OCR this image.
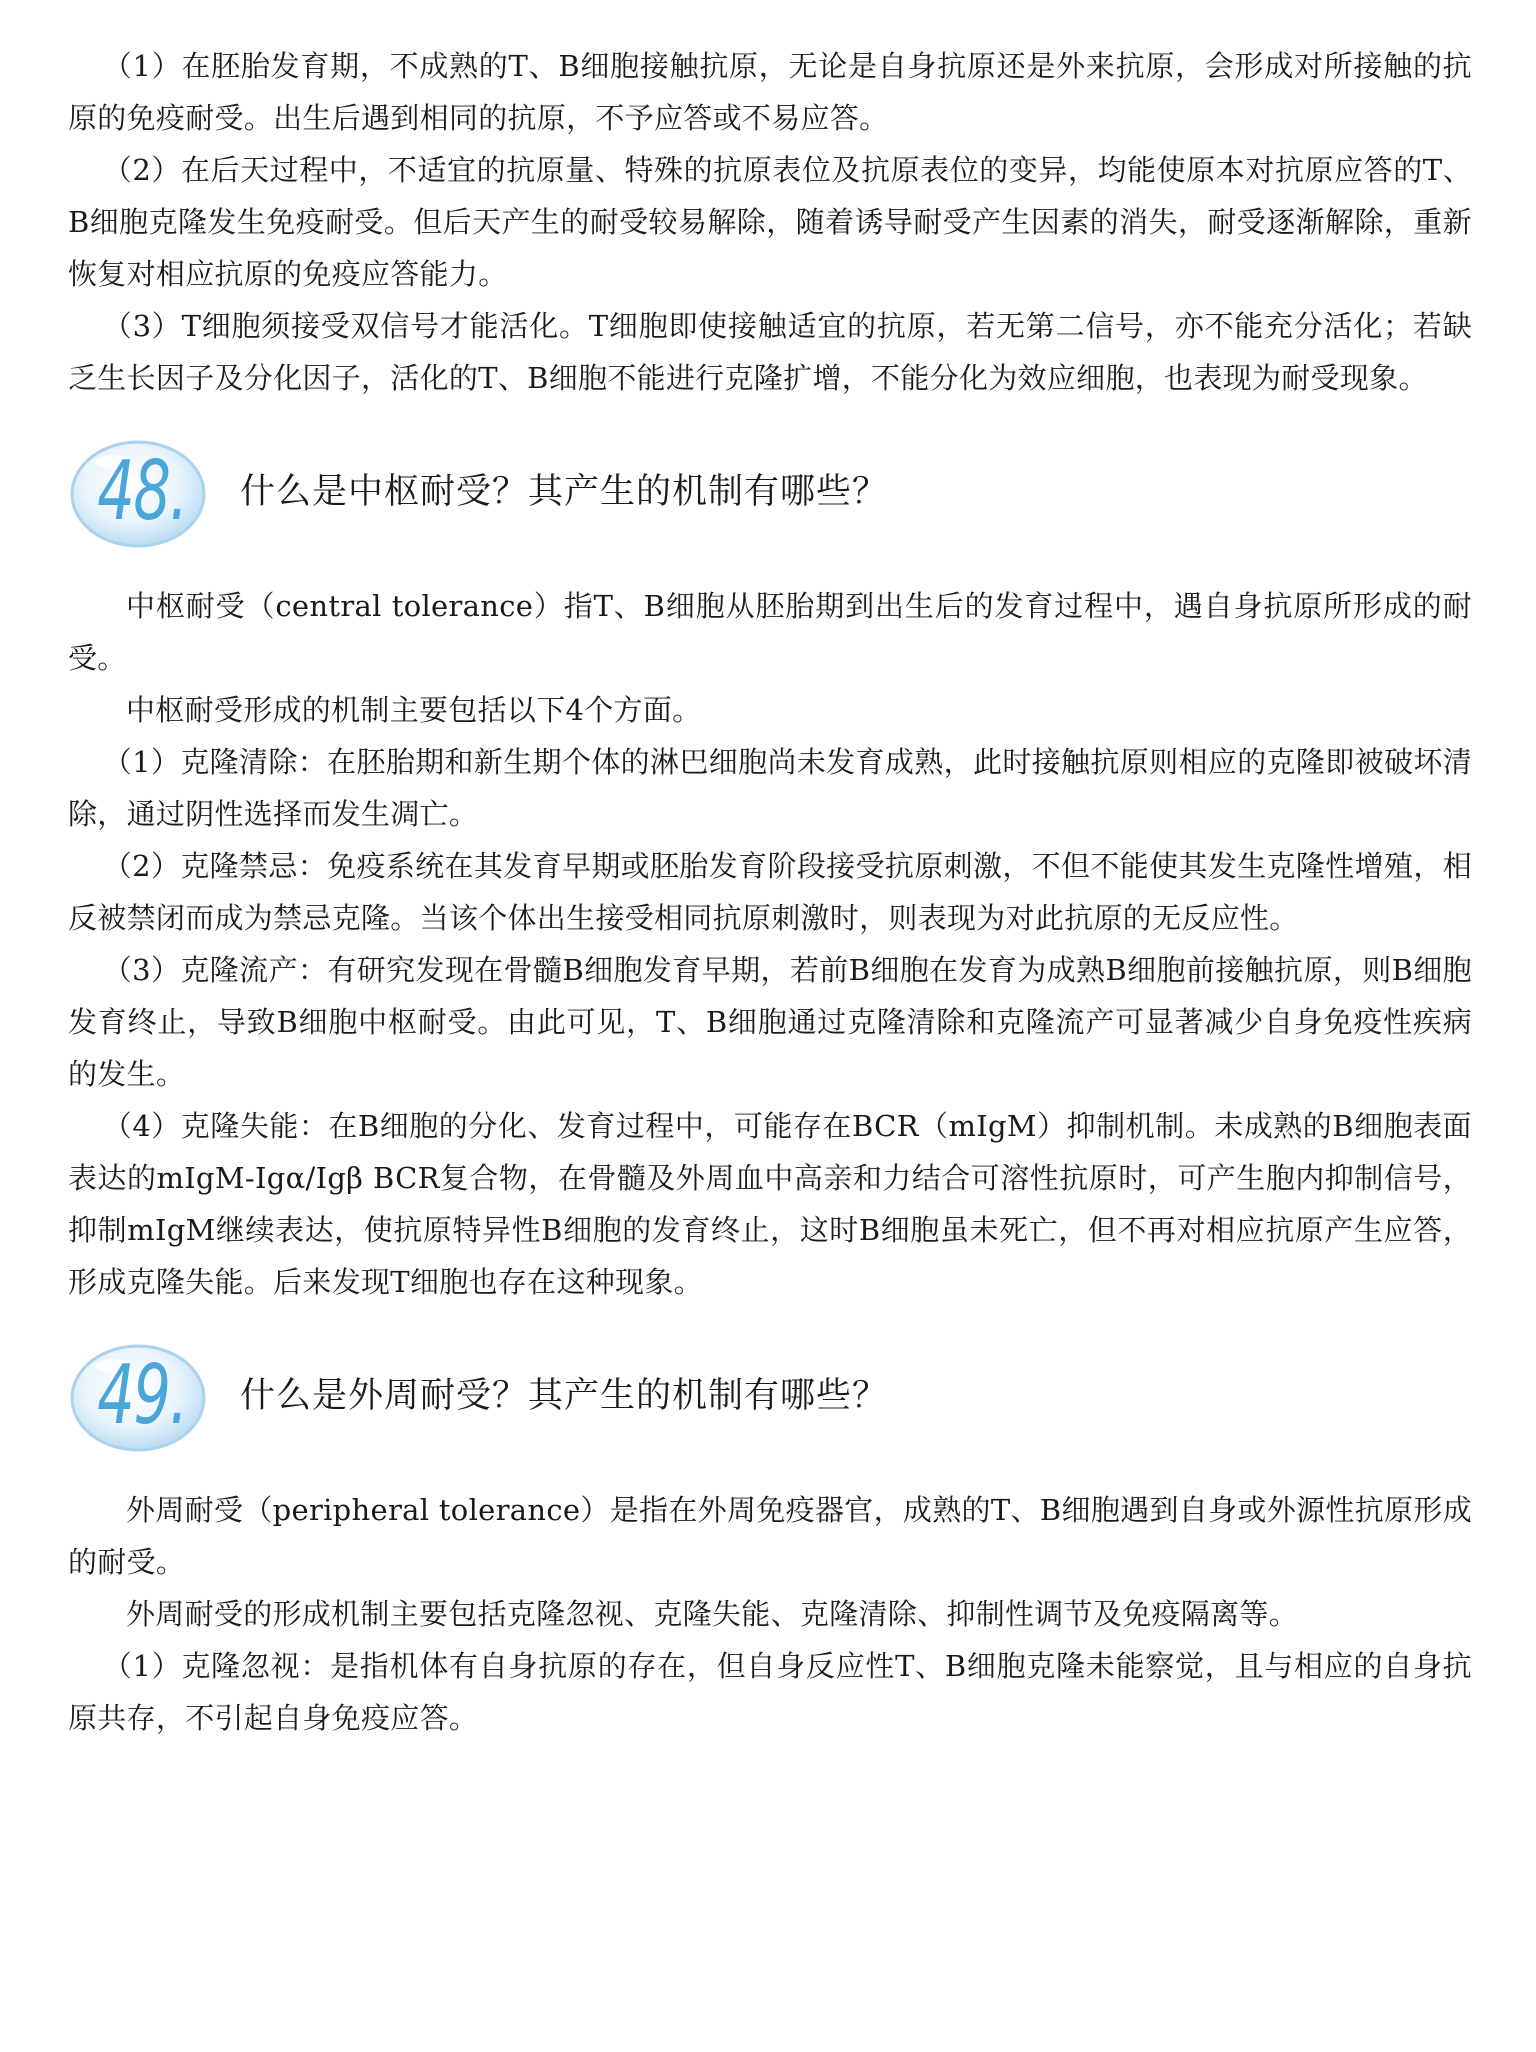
（1）在胚胎发育期，不成熟的T、B细胞接触抗原，无论是自身抗原还是外来抗原，会形成对所接触的抗原的免疫耐受。出生后遇到相同的抗原，不予应答或不易应答。

（2）在后天过程中，不适宜的抗原量、特殊的抗原表位及抗原表位的变异，均能使原本对抗原应答的T、B细胞克隆发生免疫耐受。但后天产生的耐受较易解除，随着诱导耐受产生因素的消失，耐受逐渐解除，重新恢复对相应抗原的免疫应答能力。

（3）T细胞须接受双信号才能活化。T细胞即使接触适宜的抗原，若无第二信号，亦不能充分活化；若缺乏生长因子及分化因子，活化的T、B细胞不能进行克隆扩增，不能分化为效应细胞，也表现为耐受现象。

48. 什么是中枢耐受？其产生的机制有哪些？

中枢耐受（central tolerance）指T、B细胞从胚胎期到出生后的发育过程中，遇自身抗原所形成的耐受。

中枢耐受形成的机制主要包括以下4个方面。

（1）克隆清除：在胚胎期和新生期个体的淋巴细胞尚未发育成熟，此时接触抗原则相应的克隆即被破坏清除，通过阴性选择而发生凋亡。

（2）克隆禁忌：免疫系统在其发育早期或胚胎发育阶段接受抗原刺激，不但不能使其发生克隆性增殖，相反被禁闭而成为禁忌克隆。当该个体出生接受相同抗原刺激时，则表现为对此抗原的无反应性。

（3）克隆流产：有研究发现在骨髓B细胞发育早期，若前B细胞在发育为成熟B细胞前接触抗原，则B细胞发育终止，导致B细胞中枢耐受。由此可见，T、B细胞通过克隆清除和克隆流产可显著减少自身免疫性疾病的发生。

（4）克隆失能：在B细胞的分化、发育过程中，可能存在BCR（mIgM）抑制机制。未成熟的B细胞表面表达的mIgM-Igα/Igβ BCR复合物，在骨髓及外周血中高亲和力结合可溶性抗原时，可产生胞内抑制信号，抑制mIgM继续表达，使抗原特异性B细胞的发育终止，这时B细胞虽未死亡，但不再对相应抗原产生应答，形成克隆失能。后来发现T细胞也存在这种现象。

49. 什么是外周耐受？其产生的机制有哪些？

外周耐受（peripheral tolerance）是指在外周免疫器官，成熟的T、B细胞遇到自身或外源性抗原形成的耐受。

外周耐受的形成机制主要包括克隆忽视、克隆失能、克隆清除、抑制性调节及免疫隔离等。

（1）克隆忽视：是指机体有自身抗原的存在，但自身反应性T、B细胞克隆未能察觉，且与相应的自身抗原共存，不引起自身免疫应答。
